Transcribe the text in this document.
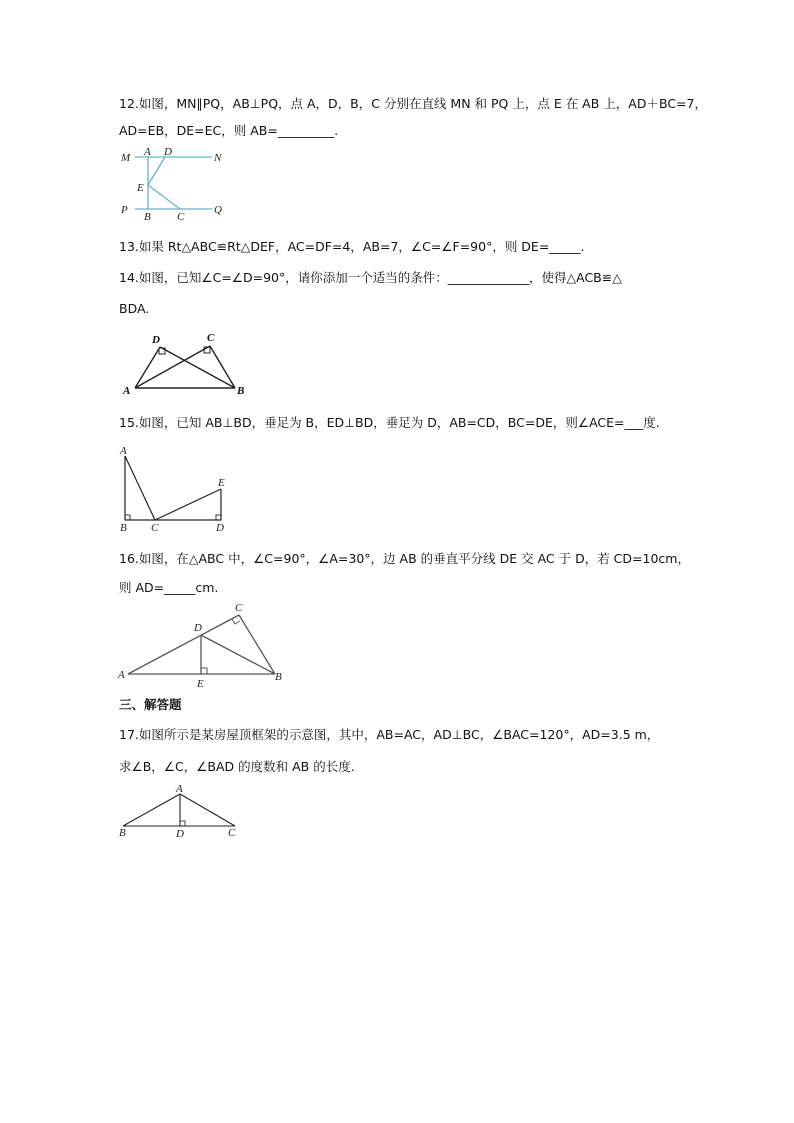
12.如图，MN∥PQ，AB⊥PQ，点 A，D，B，C 分别在直线 MN 和 PQ 上，点 E 在 AB 上，AD＋BC=7，
AD=EB，DE=EC，则 AB=_________.
M A D	N
E
P
B C
Q
13.如果 Rt△ABC≌Rt△DEF，AC=DF=4，AB=7，∠C=∠F=90°，则 DE=_____.
14.如图，已知∠C=∠D=90°，请你添加一个适当的条件：_____________，使得△ACB≌△
BDA.
D	C
A	B
15.如图，已知 AB⊥BD，垂足为 B，ED⊥BD，垂足为 D，AB=CD，BC=DE，则∠ACE=___度.
A
E
B C	D
16.如图，在△ABC 中，∠C=90°，∠A=30°，边 AB 的垂直平分线 DE 交 AC 于 D，若 CD=10cm，
则 AD=_____cm.
C
D
A
E
B
三、解答题
17.如图所示是某房屋顶框架的示意图，其中，AB=AC，AD⊥BC，∠BAC=120°，AD=3.5 m，
求∠B，∠C，∠BAD 的度数和 AB 的长度.
A
B	D	C
